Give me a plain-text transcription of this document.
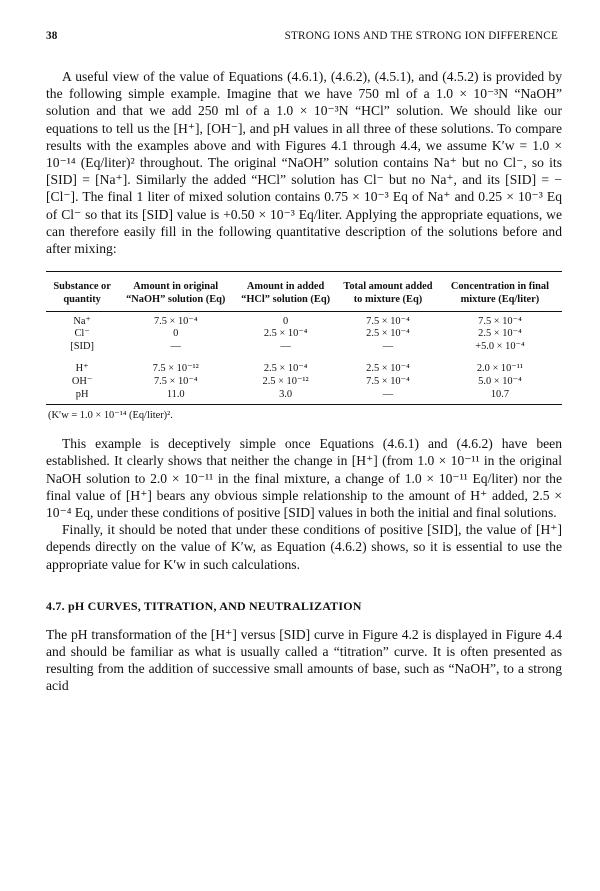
38	STRONG IONS AND THE STRONG ION DIFFERENCE

A useful view of the value of Equations (4.6.1), (4.6.2), (4.5.1), and (4.5.2) is provided by the following simple example. Imagine that we have 750 ml of a 1.0 × 10⁻³N “NaOH” solution and that we add 250 ml of a 1.0 × 10⁻³N “HCl” solution. We should like our equations to tell us the [H⁺], [OH⁻], and pH values in all three of these solutions. To compare results with the examples above and with Figures 4.1 through 4.4, we assume K′w = 1.0 × 10⁻¹⁴ (Eq/liter)² throughout. The original “NaOH” solution contains Na⁺ but no Cl⁻, so its [SID] = [Na⁺]. Similarly the added “HCl” solution has Cl⁻ but no Na⁺, and its [SID] = − [Cl⁻]. The final 1 liter of mixed solution contains 0.75 × 10⁻³ Eq of Na⁺ and 0.25 × 10⁻³ Eq of Cl⁻ so that its [SID] value is +0.50 × 10⁻³ Eq/liter. Applying the appropriate equations, we can therefore easily fill in the following quantitative description of the solutions before and after mixing:

Substance or quantity	Amount in original “NaOH” solution (Eq)	Amount in added “HCl” solution (Eq)	Total amount added to mixture (Eq)	Concentration in final mixture (Eq/liter)
Na⁺	7.5 × 10⁻⁴	0	7.5 × 10⁻⁴	7.5 × 10⁻⁴
Cl⁻	0	2.5 × 10⁻⁴	2.5 × 10⁻⁴	2.5 × 10⁻⁴
[SID]	—	—	—	+5.0 × 10⁻⁴
H⁺	7.5 × 10⁻¹²	2.5 × 10⁻⁴	2.5 × 10⁻⁴	2.0 × 10⁻¹¹
OH⁻	7.5 × 10⁻⁴	2.5 × 10⁻¹²	7.5 × 10⁻⁴	5.0 × 10⁻⁴
pH	11.0	3.0	—	10.7
(K′w = 1.0 × 10⁻¹⁴ (Eq/liter)².

This example is deceptively simple once Equations (4.6.1) and (4.6.2) have been established. It clearly shows that neither the change in [H⁺] (from 1.0 × 10⁻¹¹ in the original NaOH solution to 2.0 × 10⁻¹¹ in the final mixture, a change of 1.0 × 10⁻¹¹ Eq/liter) nor the final value of [H⁺] bears any obvious simple relationship to the amount of H⁺ added, 2.5 × 10⁻⁴ Eq, under these conditions of positive [SID] values in both the initial and final solutions.

Finally, it should be noted that under these conditions of positive [SID], the value of [H⁺] depends directly on the value of K′w, as Equation (4.6.2) shows, so it is essential to use the appropriate value for K′w in such calculations.

4.7. pH CURVES, TITRATION, AND NEUTRALIZATION

The pH transformation of the [H⁺] versus [SID] curve in Figure 4.2 is displayed in Figure 4.4 and should be familiar as what is usually called a “titration” curve. It is often presented as resulting from the addition of successive small amounts of base, such as “NaOH”, to a strong acid
